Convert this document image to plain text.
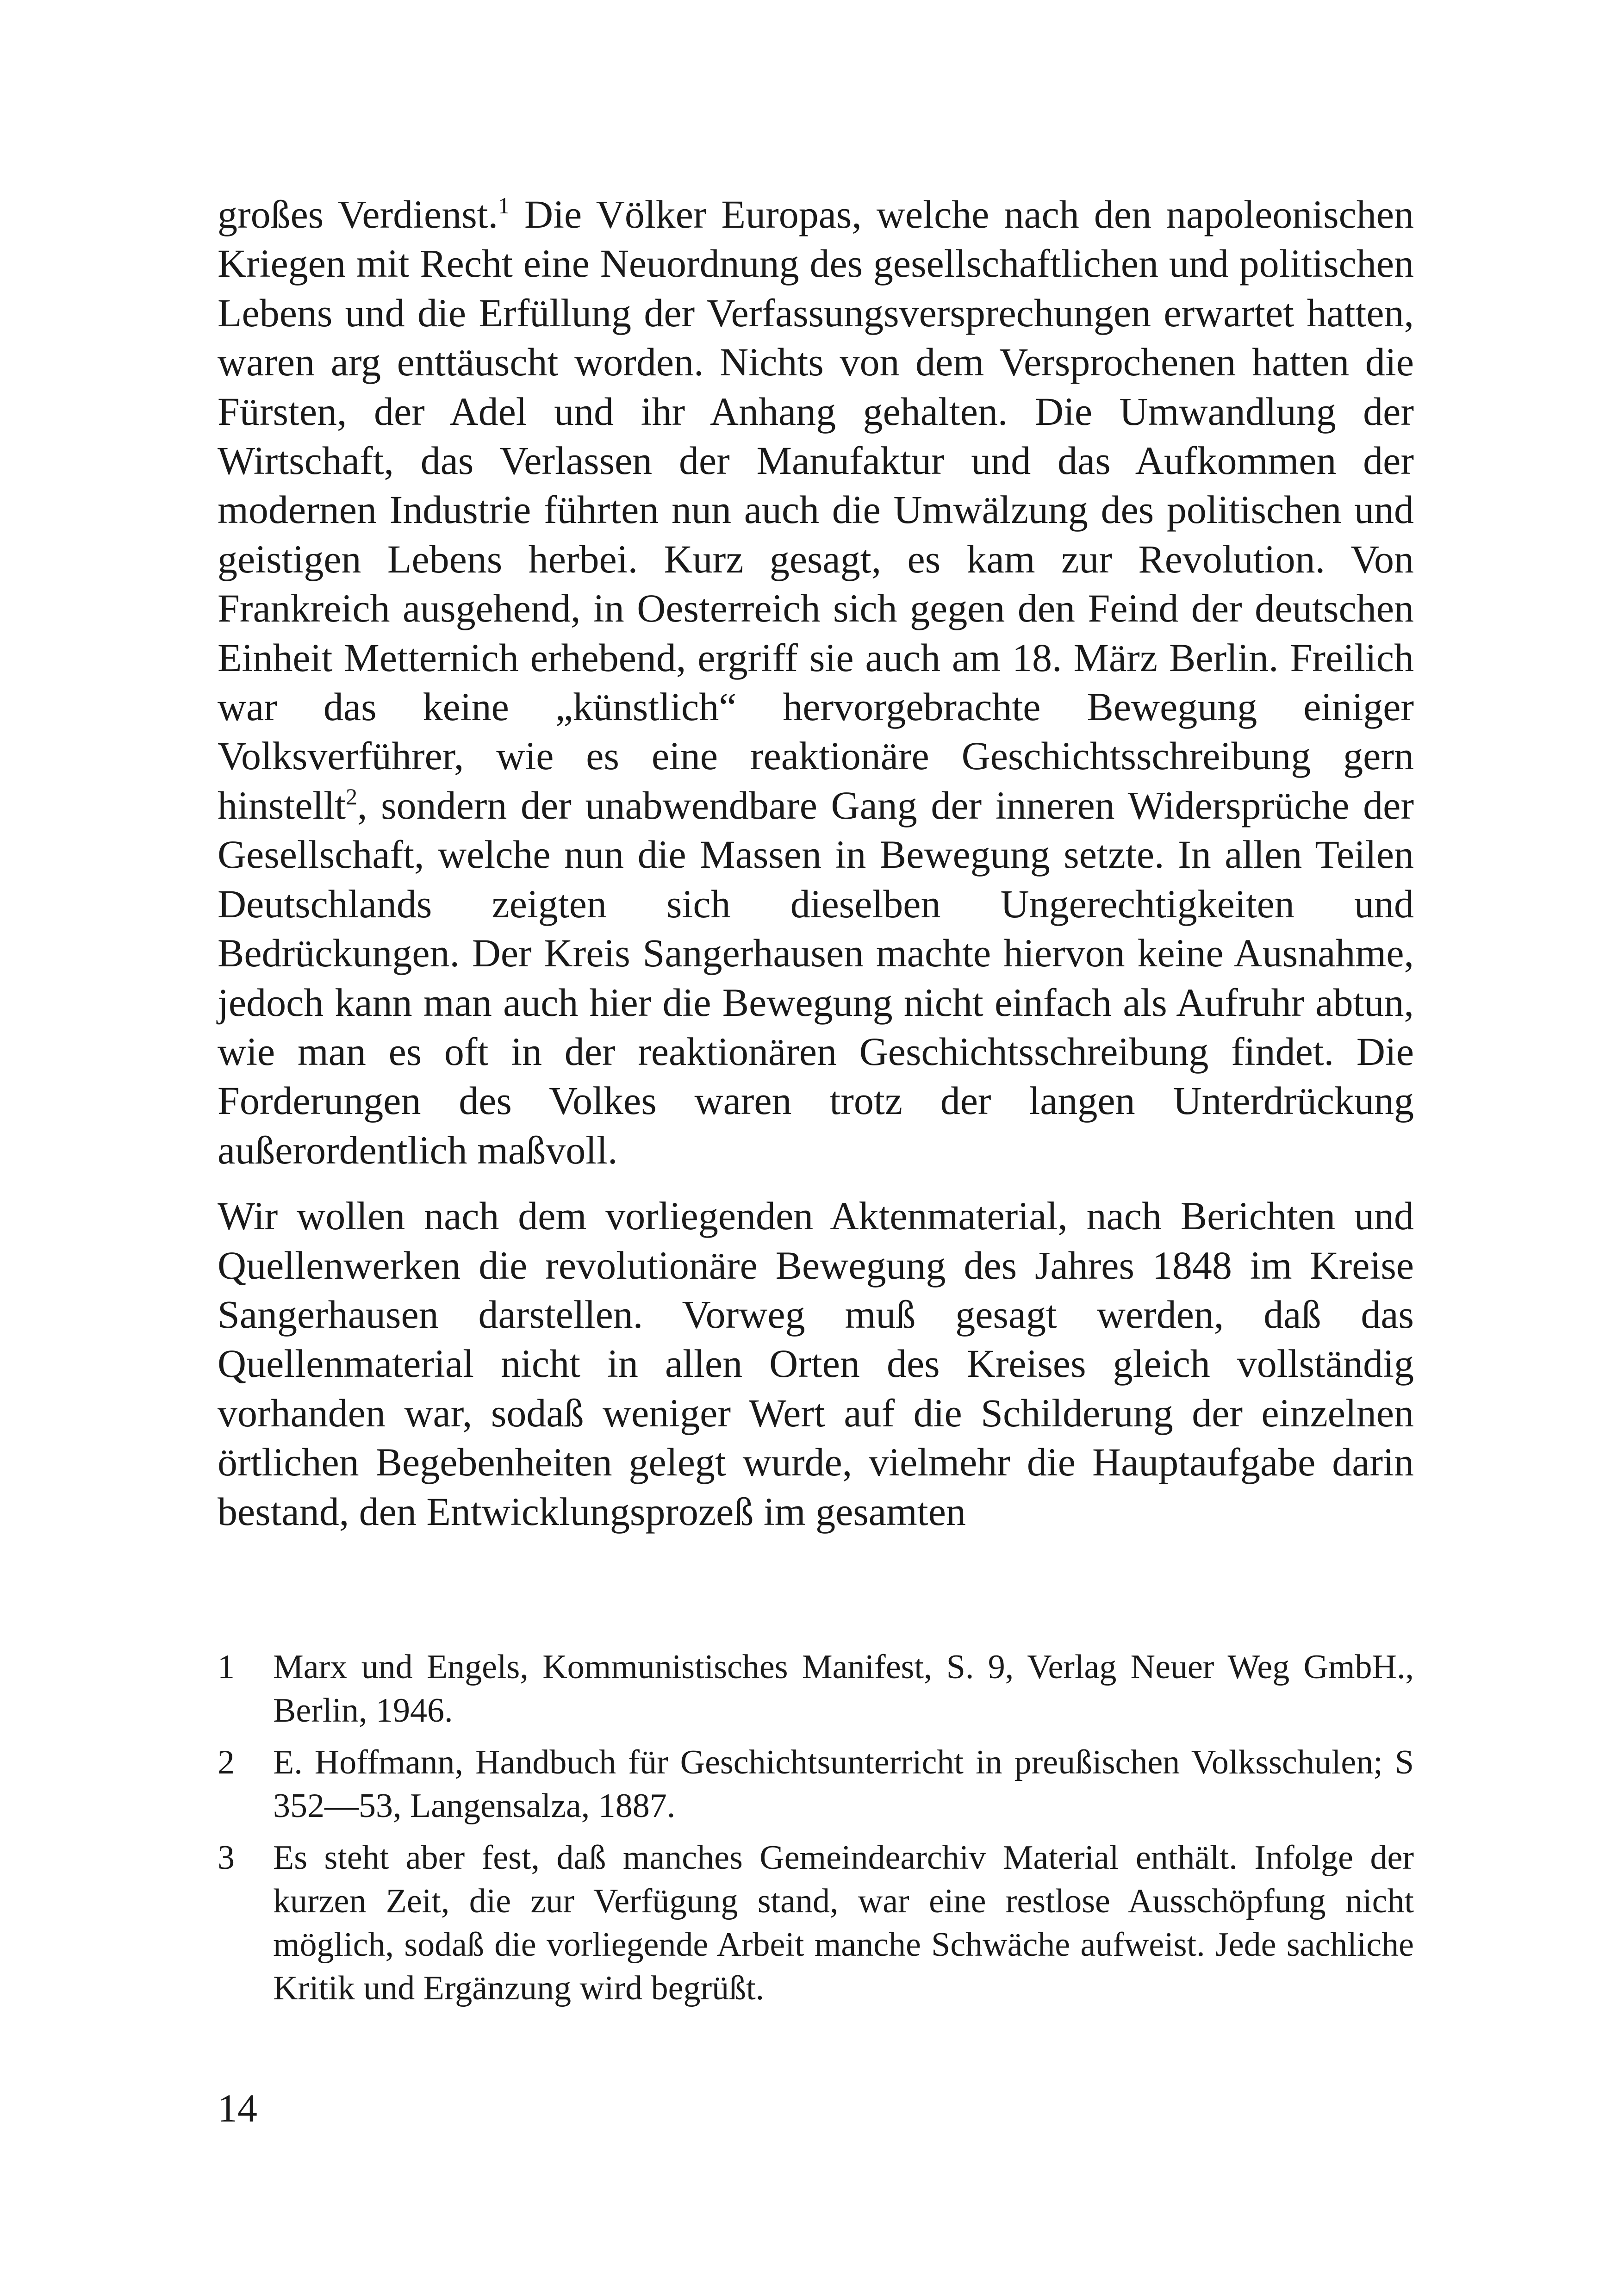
großes Verdienst.$^1$ Die Völker Europas, welche nach den napoleonischen Kriegen mit Recht eine Neuordnung des gesellschaftlichen und politischen Lebens und die Erfüllung der Verfassungsversprechungen erwartet hatten, waren arg enttäuscht worden. Nichts von dem Versprochenen hatten die Fürsten, der Adel und ihr Anhang gehalten. Die Umwandlung der Wirtschaft, das Verlassen der Manufaktur und das Aufkommen der modernen Industrie führten nun auch die Umwälzung des politischen und geistigen Lebens herbei. Kurz gesagt, es kam zur Revolution. Von Frankreich ausgehend, in Oesterreich sich gegen den Feind der deutschen Einheit Metternich erhebend, ergriff sie auch am 18. März Berlin. Freilich war das keine „künstlich“ hervorgebrachte Bewegung einiger Volksverführer, wie es eine reaktionäre Geschichtsschreibung gern hinstellt$^2$, sondern der unabwendbare Gang der inneren Widersprüche der Gesellschaft, welche nun die Massen in Bewegung setzte. In allen Teilen Deutschlands zeigten sich dieselben Ungerechtigkeiten und Bedrückungen. Der Kreis Sangerhausen machte hiervon keine Ausnahme, jedoch kann man auch hier die Bewegung nicht einfach als Aufruhr abtun, wie man es oft in der reaktionären Geschichtsschreibung findet. Die Forderungen des Volkes waren trotz der langen Unterdrückung außerordentlich maßvoll.

Wir wollen nach dem vorliegenden Aktenmaterial, nach Berichten und Quellenwerken die revolutionäre Bewegung des Jahres 1848 im Kreise Sangerhausen darstellen. Vorweg muß gesagt werden, daß das Quellenmaterial nicht in allen Orten des Kreises gleich vollständig vorhanden war, sodaß weniger Wert auf die Schilderung der einzelnen örtlichen Begebenheiten gelegt wurde, vielmehr die Hauptaufgabe darin bestand, den Entwicklungsprozeß im gesamten

1	Marx und Engels, Kommunistisches Manifest, S. 9, Verlag Neuer Weg GmbH., Berlin, 1946.
2	E. Hoffmann, Handbuch für Geschichtsunterricht in preußischen Volksschulen; S 352—53, Langensalza, 1887.
3	Es steht aber fest, daß manches Gemeindearchiv Material enthält. Infolge der kurzen Zeit, die zur Verfügung stand, war eine restlose Ausschöpfung nicht möglich, sodaß die vorliegende Arbeit manche Schwäche aufweist. Jede sachliche Kritik und Ergänzung wird begrüßt.
14
